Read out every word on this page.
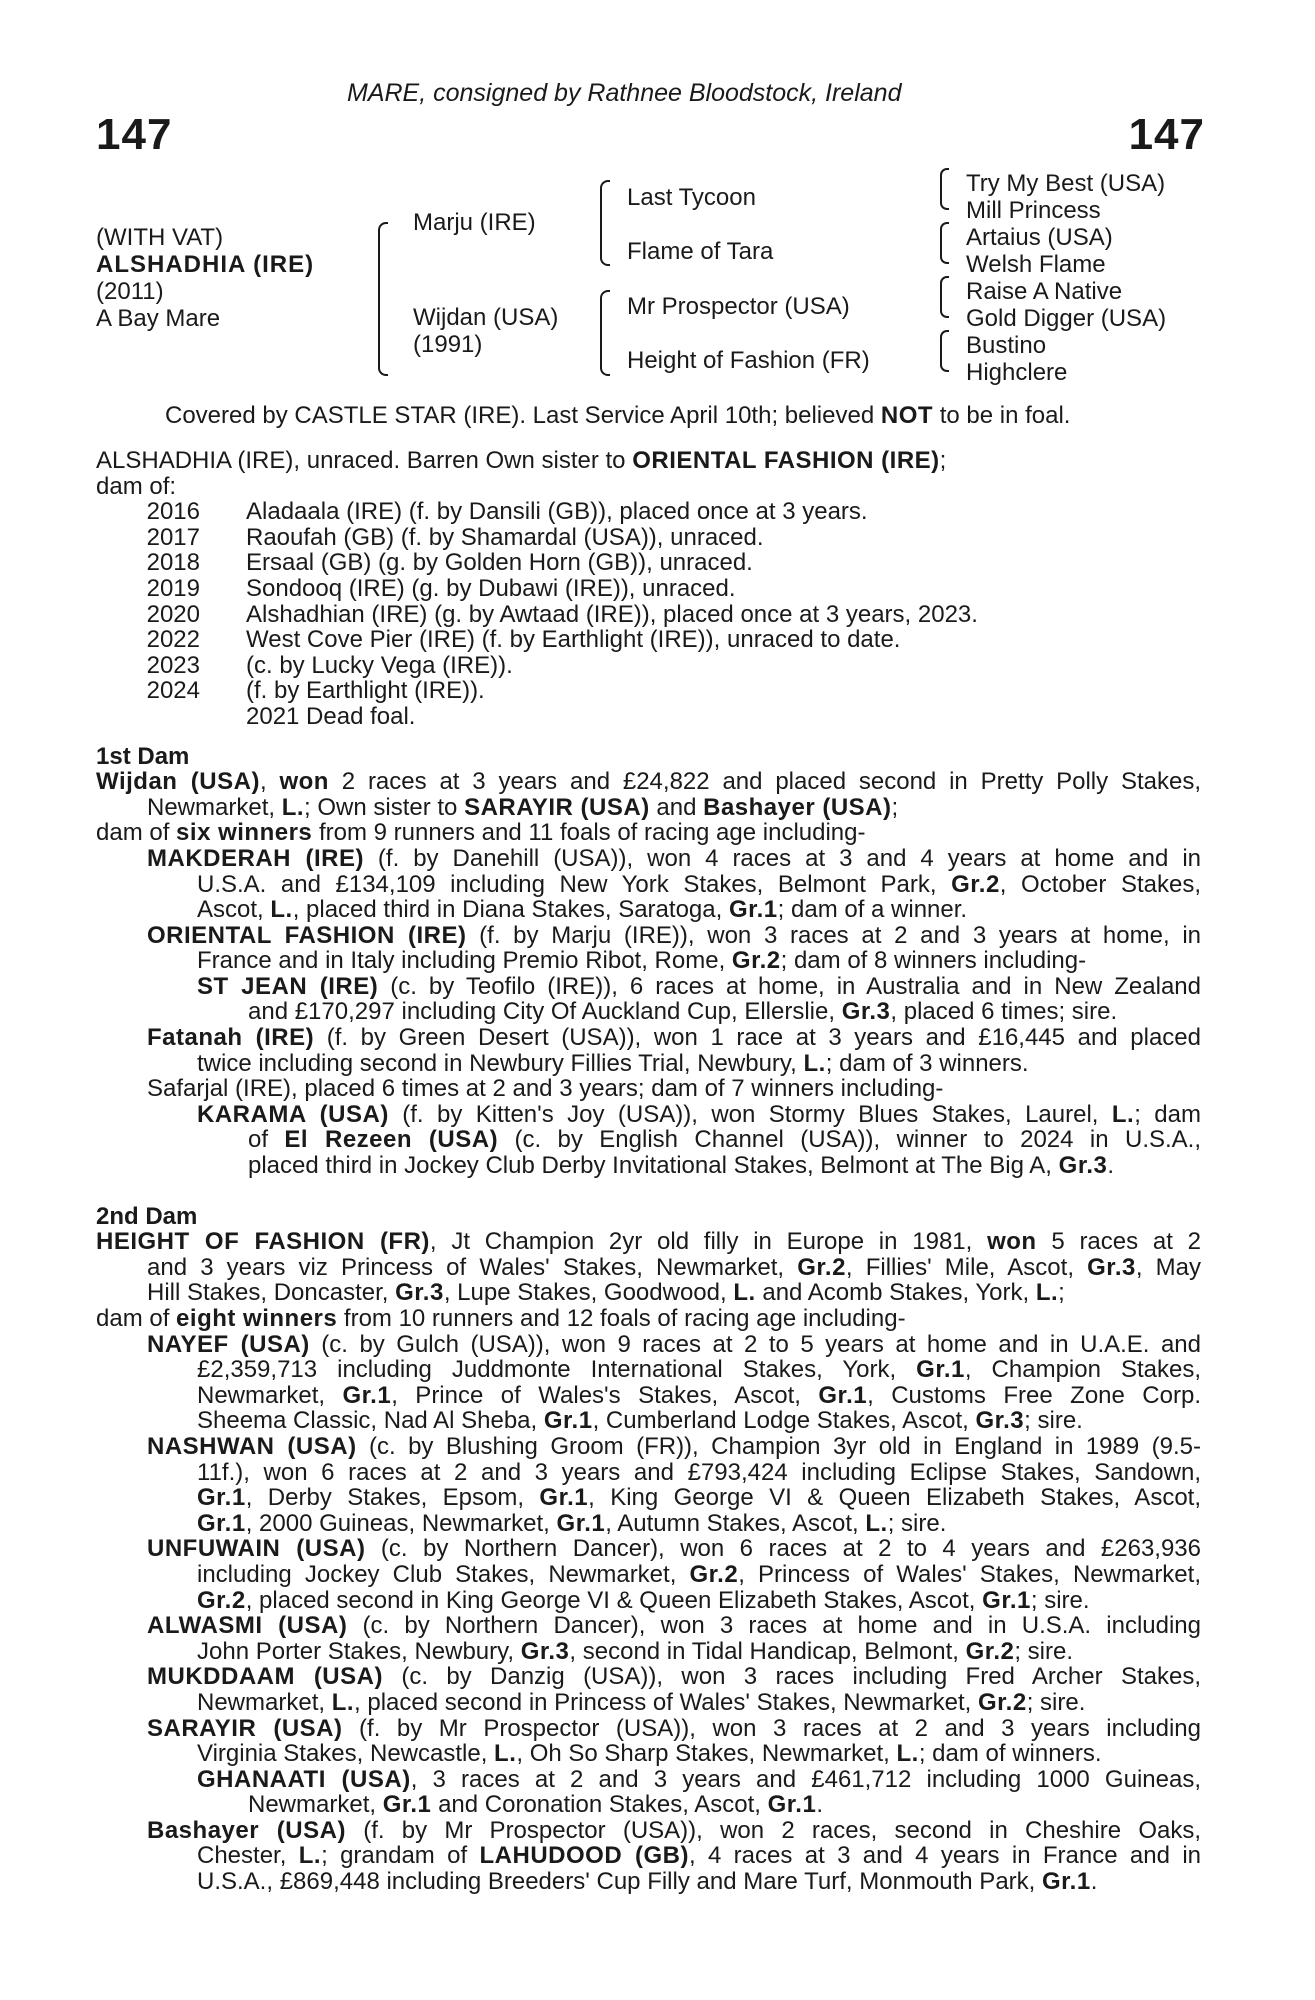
147	147
MARE, consigned by Rathnee Bloodstock, Ireland
(WITH VAT)
ALSHADHIA (IRE)
(2011)
A Bay Mare
Marju (IRE)
Wijdan (USA)
(1991)
Last Tycoon
Flame of Tara
Mr Prospector (USA)
Height of Fashion (FR)
Try My Best (USA)
Mill Princess
Artaius (USA)
Welsh Flame
Raise A Native
Gold Digger (USA)
Bustino
Highclere
Covered by CASTLE STAR (IRE). Last Service April 10th; believed NOT to be in foal.
ALSHADHIA (IRE), unraced. Barren Own sister to ORIENTAL FASHION (IRE);
dam of:
2016 Aladaala (IRE) (f. by Dansili (GB)), placed once at 3 years.
2017 Raoufah (GB) (f. by Shamardal (USA)), unraced.
2018 Ersaal (GB) (g. by Golden Horn (GB)), unraced.
2019 Sondooq (IRE) (g. by Dubawi (IRE)), unraced.
2020 Alshadhian (IRE) (g. by Awtaad (IRE)), placed once at 3 years, 2023.
2022 West Cove Pier (IRE) (f. by Earthlight (IRE)), unraced to date.
2023 (c. by Lucky Vega (IRE)).
2024 (f. by Earthlight (IRE)).
2021 Dead foal.
1st Dam
Wijdan (USA), won 2 races at 3 years and £24,822 and placed second in Pretty Polly Stakes,
Newmarket, L.; Own sister to SARAYIR (USA) and Bashayer (USA);
dam of six winners from 9 runners and 11 foals of racing age including-
MAKDERAH (IRE) (f. by Danehill (USA)), won 4 races at 3 and 4 years at home and in
U.S.A. and £134,109 including New York Stakes, Belmont Park, Gr.2, October Stakes,
Ascot, L., placed third in Diana Stakes, Saratoga, Gr.1; dam of a winner.
ORIENTAL FASHION (IRE) (f. by Marju (IRE)), won 3 races at 2 and 3 years at home, in
France and in Italy including Premio Ribot, Rome, Gr.2; dam of 8 winners including-
ST JEAN (IRE) (c. by Teofilo (IRE)), 6 races at home, in Australia and in New Zealand
and £170,297 including City Of Auckland Cup, Ellerslie, Gr.3, placed 6 times; sire.
Fatanah (IRE) (f. by Green Desert (USA)), won 1 race at 3 years and £16,445 and placed
twice including second in Newbury Fillies Trial, Newbury, L.; dam of 3 winners.
Safarjal (IRE), placed 6 times at 2 and 3 years; dam of 7 winners including-
KARAMA (USA) (f. by Kitten's Joy (USA)), won Stormy Blues Stakes, Laurel, L.; dam
of El Rezeen (USA) (c. by English Channel (USA)), winner to 2024 in U.S.A.,
placed third in Jockey Club Derby Invitational Stakes, Belmont at The Big A, Gr.3.
2nd Dam
HEIGHT OF FASHION (FR), Jt Champion 2yr old filly in Europe in 1981, won 5 races at 2
and 3 years viz Princess of Wales' Stakes, Newmarket, Gr.2, Fillies' Mile, Ascot, Gr.3, May
Hill Stakes, Doncaster, Gr.3, Lupe Stakes, Goodwood, L. and Acomb Stakes, York, L.;
dam of eight winners from 10 runners and 12 foals of racing age including-
NAYEF (USA) (c. by Gulch (USA)), won 9 races at 2 to 5 years at home and in U.A.E. and
£2,359,713 including Juddmonte International Stakes, York, Gr.1, Champion Stakes,
Newmarket, Gr.1, Prince of Wales's Stakes, Ascot, Gr.1, Customs Free Zone Corp.
Sheema Classic, Nad Al Sheba, Gr.1, Cumberland Lodge Stakes, Ascot, Gr.3; sire.
NASHWAN (USA) (c. by Blushing Groom (FR)), Champion 3yr old in England in 1989 (9.5-
11f.), won 6 races at 2 and 3 years and £793,424 including Eclipse Stakes, Sandown,
Gr.1, Derby Stakes, Epsom, Gr.1, King George VI & Queen Elizabeth Stakes, Ascot,
Gr.1, 2000 Guineas, Newmarket, Gr.1, Autumn Stakes, Ascot, L.; sire.
UNFUWAIN (USA) (c. by Northern Dancer), won 6 races at 2 to 4 years and £263,936
including Jockey Club Stakes, Newmarket, Gr.2, Princess of Wales' Stakes, Newmarket,
Gr.2, placed second in King George VI & Queen Elizabeth Stakes, Ascot, Gr.1; sire.
ALWASMI (USA) (c. by Northern Dancer), won 3 races at home and in U.S.A. including
John Porter Stakes, Newbury, Gr.3, second in Tidal Handicap, Belmont, Gr.2; sire.
MUKDDAAM (USA) (c. by Danzig (USA)), won 3 races including Fred Archer Stakes,
Newmarket, L., placed second in Princess of Wales' Stakes, Newmarket, Gr.2; sire.
SARAYIR (USA) (f. by Mr Prospector (USA)), won 3 races at 2 and 3 years including
Virginia Stakes, Newcastle, L., Oh So Sharp Stakes, Newmarket, L.; dam of winners.
GHANAATI (USA), 3 races at 2 and 3 years and £461,712 including 1000 Guineas,
Newmarket, Gr.1 and Coronation Stakes, Ascot, Gr.1.
Bashayer (USA) (f. by Mr Prospector (USA)), won 2 races, second in Cheshire Oaks,
Chester, L.; grandam of LAHUDOOD (GB), 4 races at 3 and 4 years in France and in
U.S.A., £869,448 including Breeders' Cup Filly and Mare Turf, Monmouth Park, Gr.1.
